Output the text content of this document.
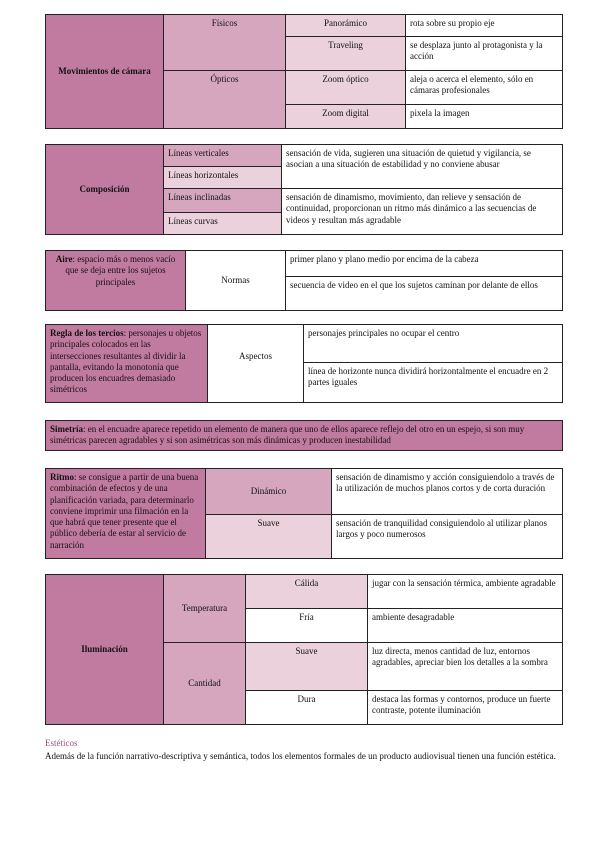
Movimientos de cámara	Físicos	Panorámico	rota sobre su propio eje
		Traveling	se desplaza junto al protagonista y la acción
	Ópticos	Zoom óptico	aleja o acerca el elemento, sólo en cámaras profesionales
		Zoom digital	pixela la imagen
Composición	Líneas verticales	sensación de vida, sugieren una situación de quietud y vigilancia, se asocian a una situación de estabilidad y no conviene abusar
	Líneas horizontales	
	Líneas inclinadas	sensación de dinamismo, movimiento, dan relieve y sensación de continuidad, proporcionan un ritmo más dinámico a las secuencias de videos y resultan más agradable
	Líneas curvas	
Aire: espacio más o menos vacío que se deja entre los sujetos principales	Normas	primer plano y plano medio por encima de la cabeza
secuencia de video en el que los sujetos caminan por delante de ellos
Regla de los tercios: personajes u objetos principales colocados en las intersecciones resultantes al dividir la pantalla, evitando la monotonía que producen los encuadres demasiado simétricos	Aspectos	personajes principales no ocupar el centro
línea de horizonte nunca dividirá horizontalmente el encuadre en 2 partes iguales
Simetría: en el encuadre aparece repetido un elemento de manera que uno de ellos aparece reflejo del otro en un espejo, si son muy simétricas parecen agradables y si son asimétricas son más dinámicas y producen inestabilidad
Ritmo: se consigue a partir de una buena combinación de efectos y de una planificación variada, para determinarlo conviene imprimir una filmación en la que habrá que tener presente que el público debería de estar al servicio de narración	Dinámico	sensación de dinamismo y acción consiguiendolo a través de la utilización de muchos planos cortos y de corta duración
	Suave	sensación de tranquilidad consiguiendolo al utilizar planos largos y poco numerosos
Iluminación	Temperatura	Cálida	jugar con la sensación térmica, ambiente agradable
		Fría	ambiente desagradable
	Cantidad	Suave	luz directa, menos cantidad de luz, entornos agradables, apreciar bien los detalles a la sombra
		Dura	destaca las formas y contornos, produce un fuerte contraste, potente iluminación
Estéticos
Además de la función narrativo-descriptiva y semántica, todos los elementos formales de un producto audiovisual tienen una función estética.
